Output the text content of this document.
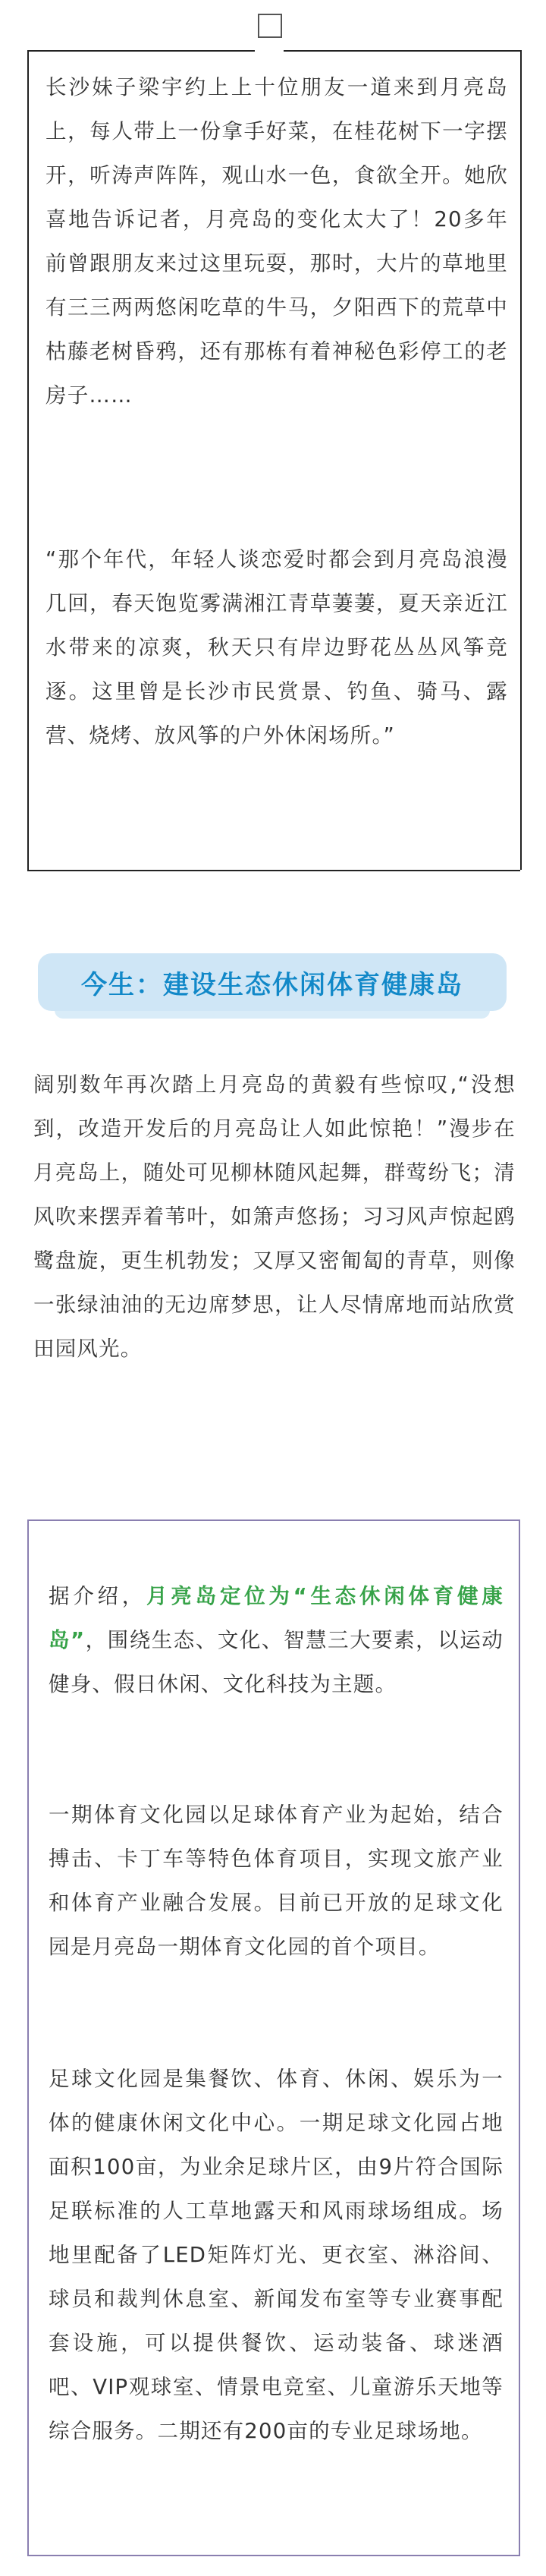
长沙妹子梁宇约上上十位朋友一道来到月亮岛上，每人带上一份拿手好菜，在桂花树下一字摆开，听涛声阵阵，观山水一色，食欲全开。她欣喜地告诉记者，月亮岛的变化太大了！20多年前曾跟朋友来过这里玩耍，那时，大片的草地里有三三两两悠闲吃草的牛马，夕阳西下的荒草中枯藤老树昏鸦，还有那栋有着神秘色彩停工的老房子……

“那个年代，年轻人谈恋爱时都会到月亮岛浪漫几回，春天饱览雾满湘江青草萋萋，夏天亲近江水带来的凉爽，秋天只有岸边野花丛丛风筝竞逐。这里曾是长沙市民赏景、钓鱼、骑马、露营、烧烤、放风筝的户外休闲场所。”

今生：建设生态休闲体育健康岛

阔别数年再次踏上月亮岛的黄毅有些惊叹,“没想到，改造开发后的月亮岛让人如此惊艳！”漫步在月亮岛上，随处可见柳林随风起舞，群莺纷飞；清风吹来摆弄着苇叶，如箫声悠扬；习习风声惊起鸥鹭盘旋，更生机勃发；又厚又密匍匐的青草，则像一张绿油油的无边席梦思，让人尽情席地而站欣赏田园风光。

据介绍，月亮岛定位为“生态休闲体育健康岛”，围绕生态、文化、智慧三大要素，以运动健身、假日休闲、文化科技为主题。

一期体育文化园以足球体育产业为起始，结合搏击、卡丁车等特色体育项目，实现文旅产业和体育产业融合发展。目前已开放的足球文化园是月亮岛一期体育文化园的首个项目。

足球文化园是集餐饮、体育、休闲、娱乐为一体的健康休闲文化中心。一期足球文化园占地面积100亩，为业余足球片区，由9片符合国际足联标准的人工草地露天和风雨球场组成。场地里配备了LED矩阵灯光、更衣室、淋浴间、球员和裁判休息室、新闻发布室等专业赛事配套设施，可以提供餐饮、运动装备、球迷酒吧、VIP观球室、情景电竞室、儿童游乐天地等综合服务。二期还有200亩的专业足球场地。
